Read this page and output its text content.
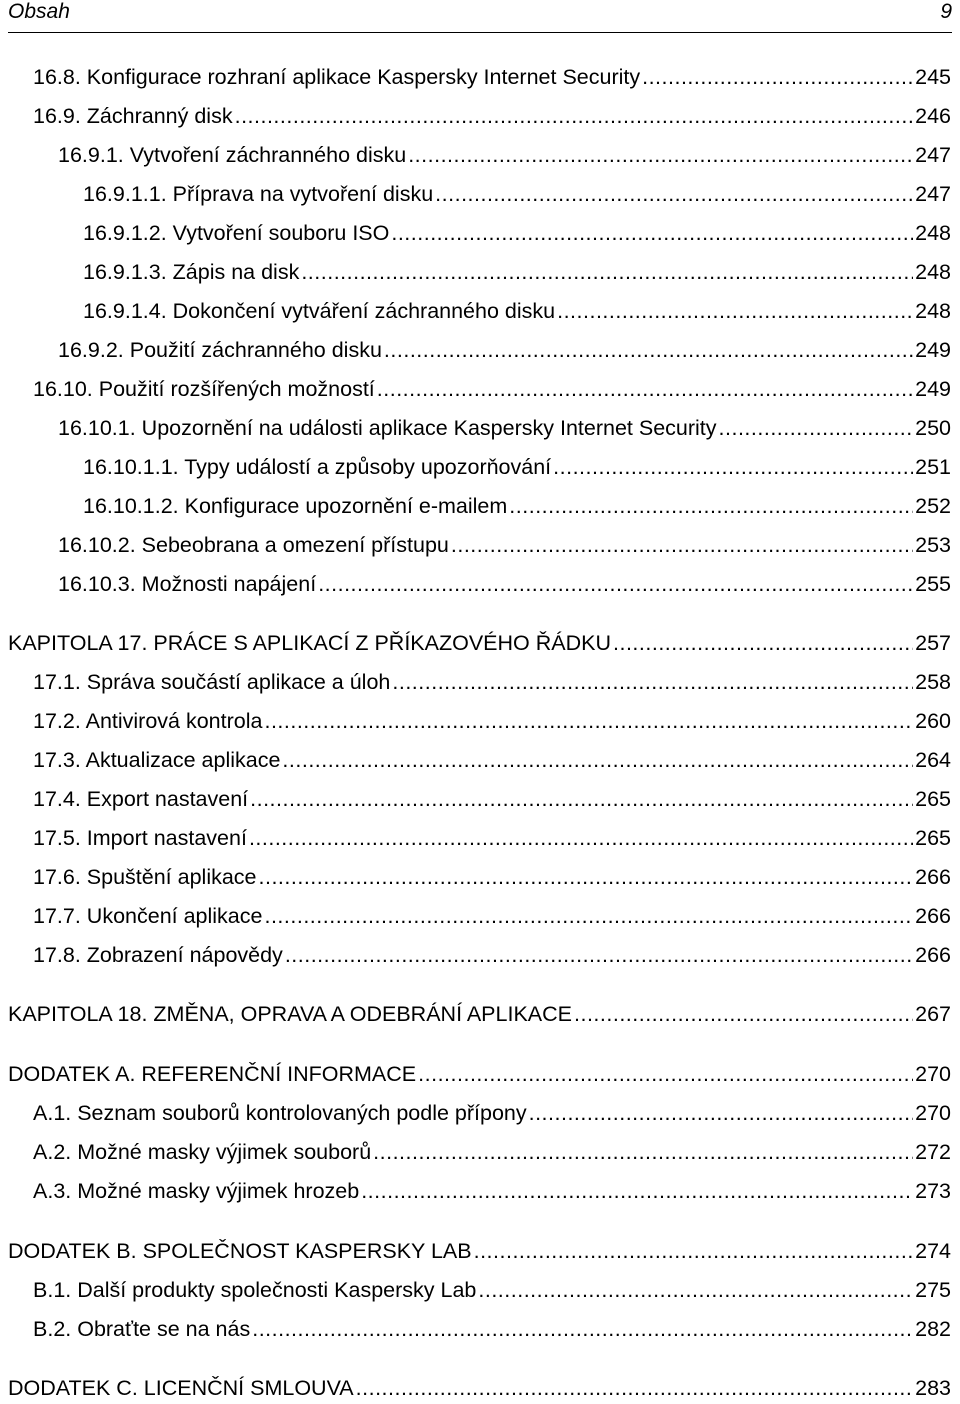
Obsah	9
16.8. Konfigurace rozhraní aplikace Kaspersky Internet Security .....	245
16.9. Záchranný disk .....	246
16.9.1. Vytvoření záchranného disku .....	247
16.9.1.1. Příprava na vytvoření disku .....	247
16.9.1.2. Vytvoření souboru ISO .....	248
16.9.1.3. Zápis na disk .....	248
16.9.1.4. Dokončení vytváření záchranného disku .....	248
16.9.2. Použití záchranného disku .....	249
16.10. Použití rozšířených možností .....	249
16.10.1. Upozornění na události aplikace Kaspersky Internet Security .....	250
16.10.1.1. Typy událostí a způsoby upozorňování .....	251
16.10.1.2. Konfigurace upozornění e-mailem .....	252
16.10.2. Sebeobrana a omezení přístupu .....	253
16.10.3. Možnosti napájení .....	255
KAPITOLA 17. PRÁCE S APLIKACÍ Z PŘÍKAZOVÉHO ŘÁDKU .....	257
17.1. Správa součástí aplikace a úloh .....	258
17.2. Antivirová kontrola .....	260
17.3. Aktualizace aplikace .....	264
17.4. Export nastavení .....	265
17.5. Import nastavení .....	265
17.6. Spuštění aplikace .....	266
17.7. Ukončení aplikace .....	266
17.8. Zobrazení nápovědy .....	266
KAPITOLA 18. ZMĚNA, OPRAVA A ODEBRÁNÍ APLIKACE .....	267
DODATEK A. REFERENČNÍ INFORMACE .....	270
A.1. Seznam souborů kontrolovaných podle přípony .....	270
A.2. Možné masky výjimek souborů .....	272
A.3. Možné masky výjimek hrozeb .....	273
DODATEK B. SPOLEČNOST KASPERSKY LAB .....	274
B.1. Další produkty společnosti Kaspersky Lab .....	275
B.2. Obraťte se na nás .....	282
DODATEK C. LICENČNÍ SMLOUVA .....	283
